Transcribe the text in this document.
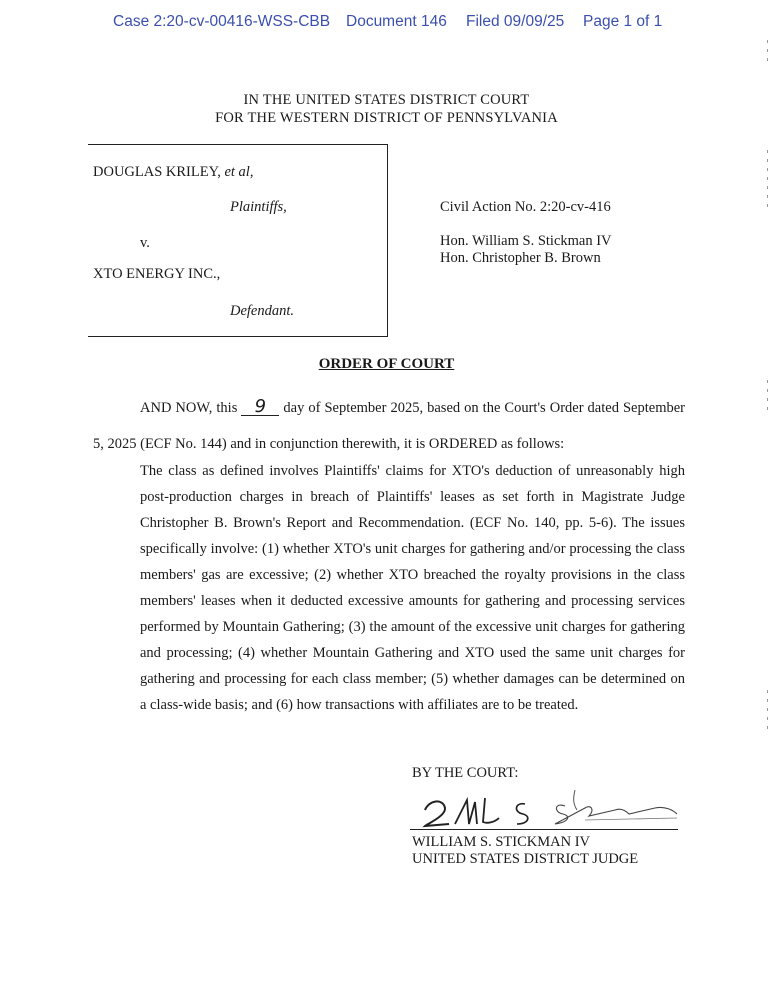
Case 2:20-cv-00416-WSS-CBB Document 146 Filed 09/09/25 Page 1 of 1
IN THE UNITED STATES DISTRICT COURT
FOR THE WESTERN DISTRICT OF PENNSYLVANIA
DOUGLAS KRILEY, et al,
Plaintiffs,
v.
XTO ENERGY INC.,
Defendant.
Civil Action No. 2:20-cv-416
Hon. William S. Stickman IV
Hon. Christopher B. Brown
ORDER OF COURT
AND NOW, this 9 day of September 2025, based on the Court's Order dated September 5, 2025 (ECF No. 144) and in conjunction therewith, it is ORDERED as follows:
The class as defined involves Plaintiffs' claims for XTO's deduction of unreasonably high post-production charges in breach of Plaintiffs' leases as set forth in Magistrate Judge Christopher B. Brown's Report and Recommendation. (ECF No. 140, pp. 5-6). The issues specifically involve: (1) whether XTO's unit charges for gathering and/or processing the class members' gas are excessive; (2) whether XTO breached the royalty provisions in the class members' leases when it deducted excessive amounts for gathering and processing services performed by Mountain Gathering; (3) the amount of the excessive unit charges for gathering and processing; (4) whether Mountain Gathering and XTO used the same unit charges for gathering and processing for each class member; (5) whether damages can be determined on a class-wide basis; and (6) how transactions with affiliates are to be treated.
BY THE COURT:
WILLIAM S. STICKMAN IV
UNITED STATES DISTRICT JUDGE
